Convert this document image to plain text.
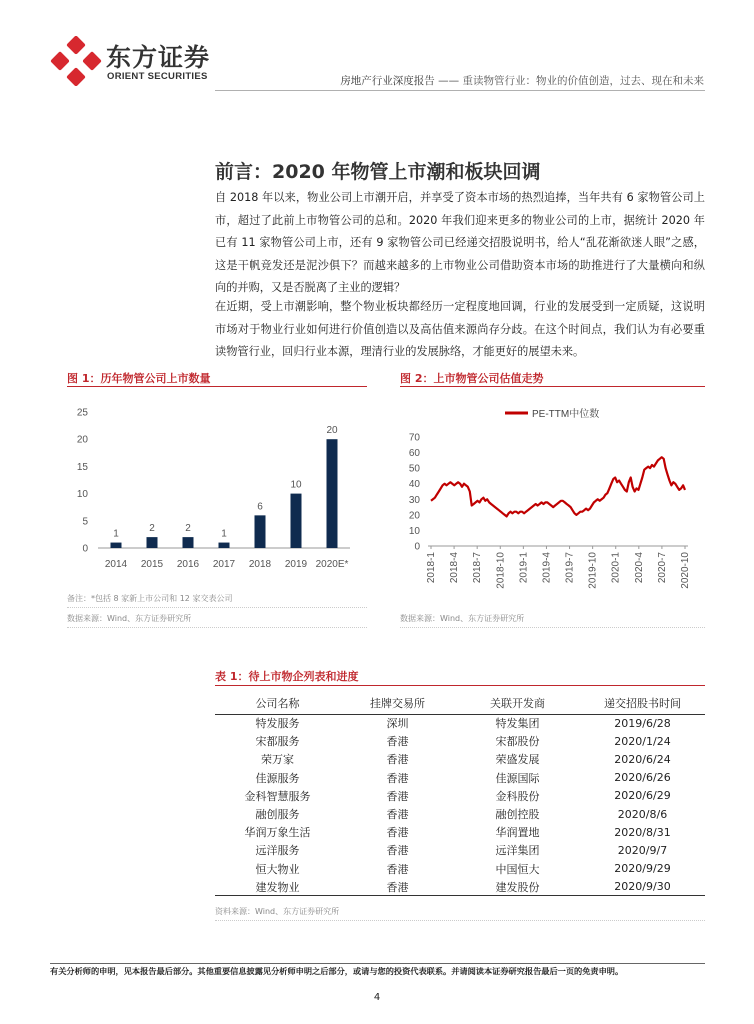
东方证券
ORIENT SECURITIES	房地产行业深度报告 —— 重读物管行业：物业的价值创造，过去、现在和未来
前言：2020 年物管上市潮和板块回调

自 2018 年以来，物业公司上市潮开启，并享受了资本市场的热烈追捧，当年共有 6 家物管公司上市，超过了此前上市物管公司的总和。2020 年我们迎来更多的物业公司的上市，据统计 2020 年已有 11 家物管公司上市，还有 9 家物管公司已经递交招股说明书，给人“乱花渐欲迷人眼”之感，这是干帆竞发还是泥沙俱下？而越来越多的上市物业公司借助资本市场的助推进行了大量横向和纵向的并购，又是否脱离了主业的逻辑？

在近期，受上市潮影响，整个物业板块都经历一定程度地回调，行业的发展受到一定质疑，这说明市场对于物业行业如何进行价值创造以及高估值来源尚存分歧。在这个时间点，我们认为有必要重读物管行业，回归行业本源，理清行业的发展脉络，才能更好的展望未来。

图 1：历年物管公司上市数量
0
5
10
15
20
25
1
2014
2
2015
2
2016
1
2017
6
2018
10
2019
20
2020E*
备注：*包括 8 家新上市公司和 12 家交表公司
数据来源：Wind、东方证券研究所
图 2：上市物管公司估值走势
0
10
20
30
40
50
60
70
2018-1 2018-4 2018-7 2018-10 2019-1 2019-4 2019-7 2019-10 2020-1 2020-4 2020-7 2020-10
PE-TTM中位数
数据来源：Wind、东方证券研究所
表 1：待上市物企列表和进度
公司名称	挂牌交易所	关联开发商	递交招股书时间
特发服务	深圳	特发集团	2019/6/28
宋都服务	香港	宋都股份	2020/1/24
荣万家	香港	荣盛发展	2020/6/24
佳源服务	香港	佳源国际	2020/6/26
金科智慧服务	香港	金科股份	2020/6/29
融创服务	香港	融创控股	2020/8/6
华润万象生活	香港	华润置地	2020/8/31
远洋服务	香港	远洋集团	2020/9/7
恒大物业	香港	中国恒大	2020/9/29
建发物业	香港	建发股份	2020/9/30
资料来源：Wind、东方证券研究所
有关分析师的申明，见本报告最后部分。其他重要信息披露见分析师申明之后部分，或请与您的投资代表联系。并请阅读本证券研究报告最后一页的免责申明。
4
